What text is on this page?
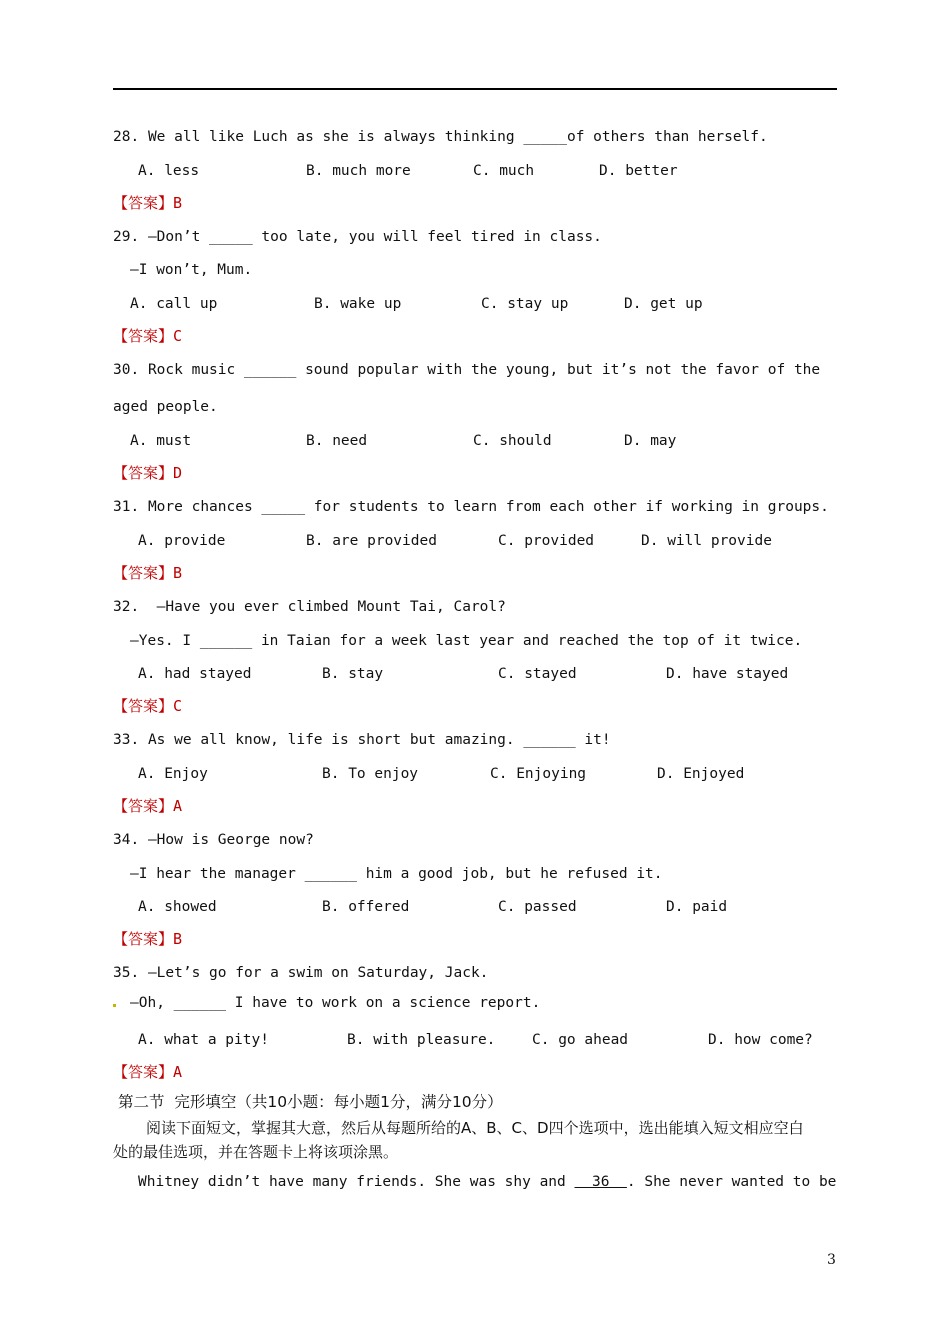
28. We all like Luch as she is always thinking _____of others than herself.
A. less	B. much more	C. much	D. better
【答案】B
29. —Don’t _____ too late, you will feel tired in class.
—I won’t, Mum.
A. call up	B. wake up	C. stay up	D. get up
【答案】C
30. Rock music ______ sound popular with the young, but it’s not the favor of the
aged people.
A. must	B. need	C. should	D. may
【答案】D
31. More chances _____ for students to learn from each other if working in groups.
A. provide	B. are provided	C. provided	D. will provide
【答案】B
32.  —Have you ever climbed Mount Tai, Carol?
—Yes. I ______ in Taian for a week last year and reached the top of it twice.
A. had stayed	B. stay	C. stayed	D. have stayed
【答案】C
33. As we all know, life is short but amazing. ______ it!
A. Enjoy	B. To enjoy	C. Enjoying	D. Enjoyed
【答案】A
34. —How is George now?
—I hear the manager ______ him a good job, but he refused it.
A. showed	B. offered	C. passed	D. paid
【答案】B
35. —Let’s go for a swim on Saturday, Jack.
—Oh, ______ I have to work on a science report.
A. what a pity!	B. with pleasure.	C. go ahead	D. how come?
【答案】A
第二节  完形填空（共10小题：每小题1分，满分10分）
阅读下面短文，掌握其大意，然后从每题所给的A、B、C、D四个选项中，选出能填入短文相应空白
处的最佳选项，并在答题卡上将该项涂黑。
Whitney didn’t have many friends. She was shy and   36  . She never wanted to be
3
